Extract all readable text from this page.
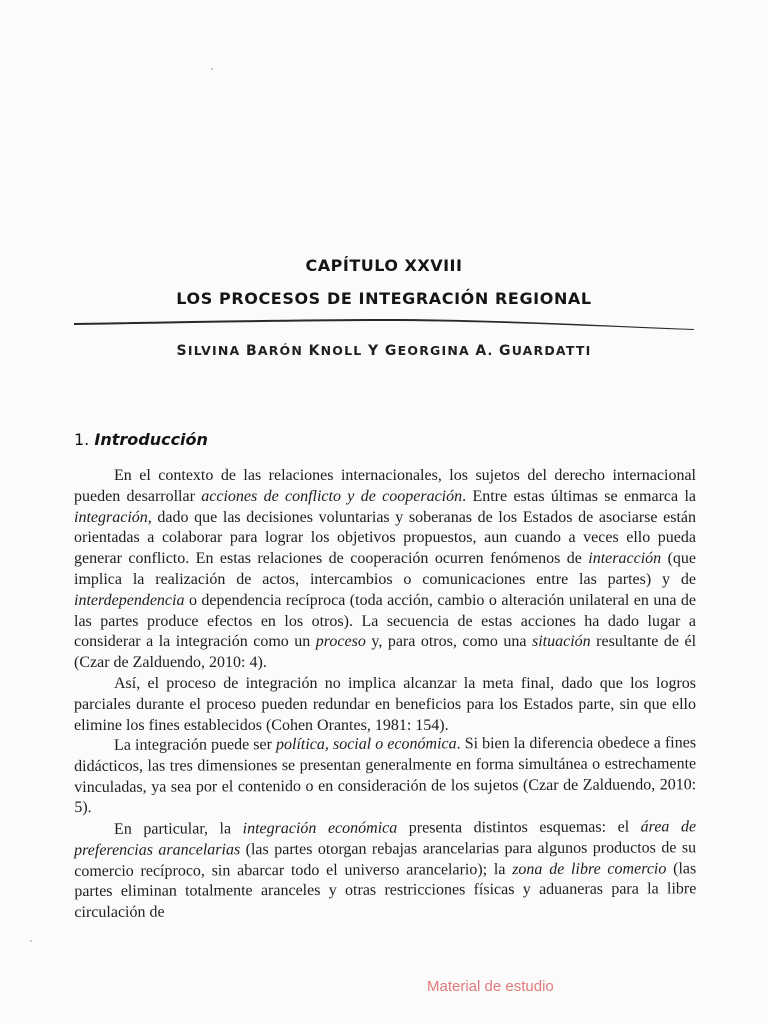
CAPÍTULO XXVIII
LOS PROCESOS DE INTEGRACIÓN REGIONAL
SILVINA BARÓN KNOLL Y GEORGINA A. GUARDATTI
1. Introducción

En el contexto de las relaciones internacionales, los sujetos del derecho internacional pueden desarrollar acciones de conflicto y de cooperación. Entre estas últimas se enmarca la integración, dado que las decisiones voluntarias y soberanas de los Estados de asociarse están orientadas a colaborar para lograr los objetivos propuestos, aun cuando a veces ello pueda generar conflicto. En estas relaciones de cooperación ocurren fenómenos de interacción (que implica la realización de actos, intercambios o comunicaciones entre las partes) y de interdependencia o dependencia recíproca (toda acción, cambio o alteración unilateral en una de las partes produce efectos en los otros). La secuencia de estas acciones ha dado lugar a considerar a la integración como un proceso y, para otros, como una situación resultante de él (Czar de Zalduendo, 2010: 4).

Así, el proceso de integración no implica alcanzar la meta final, dado que los logros parciales durante el proceso pueden redundar en beneficios para los Estados parte, sin que ello elimine los fines establecidos (Cohen Orantes, 1981: 154).

La integración puede ser política, social o económica. Si bien la diferencia obedece a fines didácticos, las tres dimensiones se presentan generalmente en forma simultánea o estrechamente vinculadas, ya sea por el contenido o en consideración de los sujetos (Czar de Zalduendo, 2010: 5).

En particular, la integración económica presenta distintos esquemas: el área de preferencias arancelarias (las partes otorgan rebajas arancelarias para algunos productos de su comercio recíproco, sin abarcar todo el universo arancelario); la zona de libre comercio (las partes eliminan totalmente aranceles y otras restricciones físicas y aduaneras para la libre circulación de

Material de estudio
